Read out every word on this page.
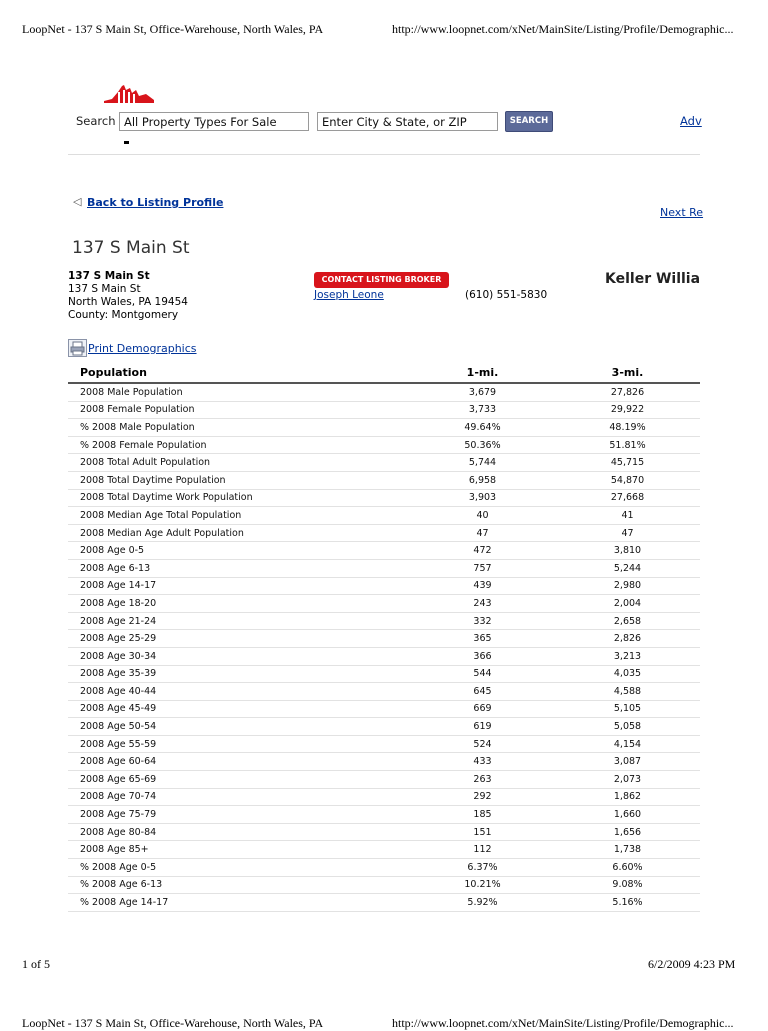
LoopNet - 137 S Main St, Office-Warehouse, North Wales, PA	http://www.loopnet.com/xNet/MainSite/Listing/Profile/Demographic...
Search All Property Types For Sale	Enter City & State, or ZIP	SEARCH	Adv
◁ Back to Listing Profile
Next Re
137 S Main St
137 S Main St
137 S Main St
North Wales, PA 19454
County: Montgomery
CONTACT LISTING BROKER
Joseph Leone	(610) 551-5830
Keller Willia
Print Demographics
Population	1-mi.	3-mi.
2008 Male Population	3,679	27,826
2008 Female Population	3,733	29,922
% 2008 Male Population	49.64%	48.19%
% 2008 Female Population	50.36%	51.81%
2008 Total Adult Population	5,744	45,715
2008 Total Daytime Population	6,958	54,870
2008 Total Daytime Work Population	3,903	27,668
2008 Median Age Total Population	40	41
2008 Median Age Adult Population	47	47
2008 Age 0-5	472	3,810
2008 Age 6-13	757	5,244
2008 Age 14-17	439	2,980
2008 Age 18-20	243	2,004
2008 Age 21-24	332	2,658
2008 Age 25-29	365	2,826
2008 Age 30-34	366	3,213
2008 Age 35-39	544	4,035
2008 Age 40-44	645	4,588
2008 Age 45-49	669	5,105
2008 Age 50-54	619	5,058
2008 Age 55-59	524	4,154
2008 Age 60-64	433	3,087
2008 Age 65-69	263	2,073
2008 Age 70-74	292	1,862
2008 Age 75-79	185	1,660
2008 Age 80-84	151	1,656
2008 Age 85+	112	1,738
% 2008 Age 0-5	6.37%	6.60%
% 2008 Age 6-13	10.21%	9.08%
% 2008 Age 14-17	5.92%	5.16%
1 of 5	6/2/2009 4:23 PM
LoopNet - 137 S Main St, Office-Warehouse, North Wales, PA	http://www.loopnet.com/xNet/MainSite/Listing/Profile/Demographic...
